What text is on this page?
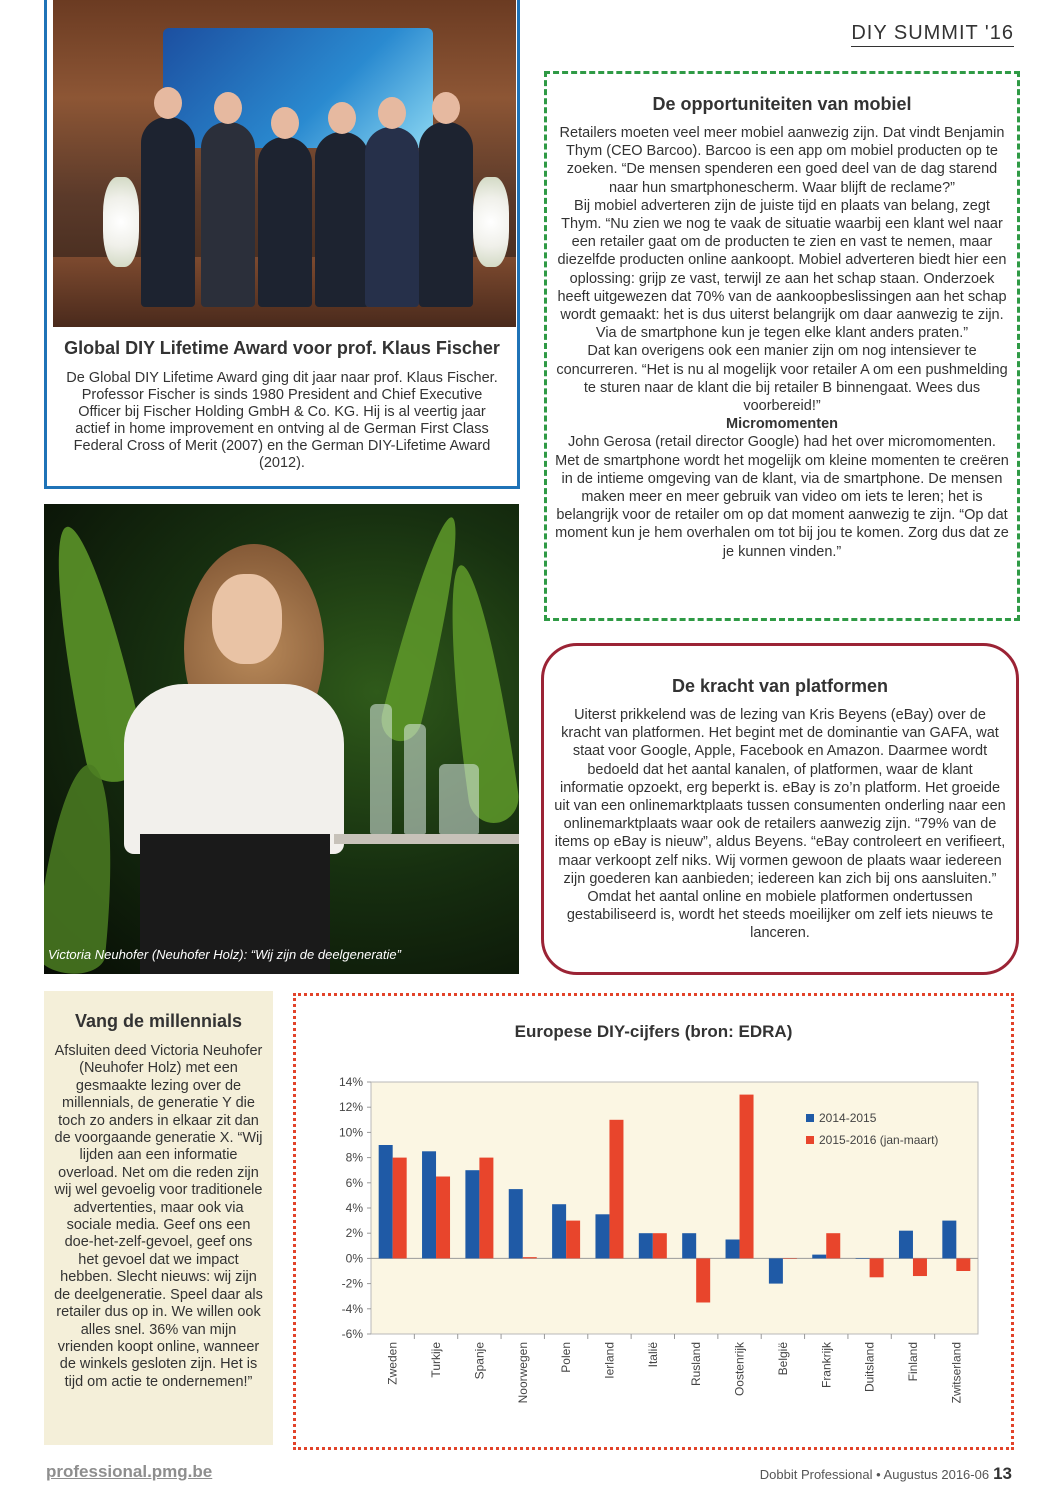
DIY SUMMIT '16
Global DIY Lifetime Award voor prof. Klaus Fischer
De Global DIY Lifetime Award ging dit jaar naar prof. Klaus Fischer. Professor Fischer is sinds 1980 President and Chief Executive Officer bij Fischer Holding GmbH & Co. KG. Hij is al veertig jaar actief in home improvement en ontving al de German First Class Federal Cross of Merit (2007) en the German DIY-Lifetime Award (2012).
Victoria Neuhofer (Neuhofer Holz): “Wij zijn de deelgeneratie”
De opportuniteiten van mobiel
Retailers moeten veel meer mobiel aanwezig zijn. Dat vindt Benjamin Thym (CEO Barcoo). Barcoo is een app om mobiel producten op te zoeken. “De mensen spenderen een goed deel van de dag starend naar hun smartphonescherm. Waar blijft de reclame?”
Bij mobiel adverteren zijn de juiste tijd en plaats van belang, zegt Thym. “Nu zien we nog te vaak de situatie waarbij een klant wel naar een retailer gaat om de producten te zien en vast te nemen, maar diezelfde producten online aankoopt. Mobiel adverteren biedt hier een oplossing: grijp ze vast, terwijl ze aan het schap staan. Onderzoek heeft uitgewezen dat 70% van de aankoopbeslissingen aan het schap wordt gemaakt: het is dus uiterst belangrijk om daar aanwezig te zijn. Via de smartphone kun je tegen elke klant anders praten.”
Dat kan overigens ook een manier zijn om nog intensiever te concurreren. “Het is nu al mogelijk voor retailer A om een pushmelding te sturen naar de klant die bij retailer B binnengaat. Wees dus voorbereid!”
Micromomenten
John Gerosa (retail director Google) had het over micromomenten. Met de smartphone wordt het mogelijk om kleine momenten te creëren in de intieme omgeving van de klant, via de smartphone. De mensen maken meer en meer gebruik van video om iets te leren; het is belangrijk voor de retailer om op dat moment aanwezig te zijn. “Op dat moment kun je hem overhalen om tot bij jou te komen. Zorg dus dat ze je kunnen vinden.”
De kracht van platformen
Uiterst prikkelend was de lezing van Kris Beyens (eBay) over de kracht van platformen. Het begint met de dominantie van GAFA, wat staat voor Google, Apple, Facebook en Amazon. Daarmee wordt bedoeld dat het aantal kanalen, of platformen, waar de klant informatie opzoekt, erg beperkt is. eBay is zo’n platform. Het groeide uit van een onlinemarktplaats tussen consumenten onderling naar een onlinemarktplaats waar ook de retailers aanwezig zijn. “79% van de items op eBay is nieuw”, aldus Beyens. “eBay controleert en verifieert, maar verkoopt zelf niks. Wij vormen gewoon de plaats waar iedereen zijn goederen kan aanbieden; iedereen kan zich bij ons aansluiten.” Omdat het aantal online en mobiele platformen ondertussen gestabiliseerd is, wordt het steeds moeilijker om zelf iets nieuws te lanceren.
Vang de millennials
Afsluiten deed Victoria Neuhofer (Neuhofer Holz) met een gesmaakte lezing over de millennials, de generatie Y die toch zo anders in elkaar zit dan de voorgaande generatie X. “Wij lijden aan een informatie overload. Net om die reden zijn wij wel gevoelig voor traditionele advertenties, maar ook via sociale media. Geef ons een doe-het-zelf-gevoel, geef ons het gevoel dat we impact hebben. Slecht nieuws: wij zijn de deelgeneratie. Speel daar als retailer dus op in. We willen ook alles snel. 36% van mijn vrienden koopt online, wanneer de winkels gesloten zijn. Het is tijd om actie te ondernemen!”
Europese DIY-cijfers (bron: EDRA)
14%
12%
10%
8%
6%
4%
2%
0%
-2%
-4%
-6%
Zweden Turkije Spanje Noorwegen Polen Ierland Italië Rusland Oostenrijk België Frankrijk Duitsland Finland Zwitserland
2014-2015
2015-2016 (jan-maart)
professional.pmg.be	Dobbit Professional • Augustus 2016-06 13
